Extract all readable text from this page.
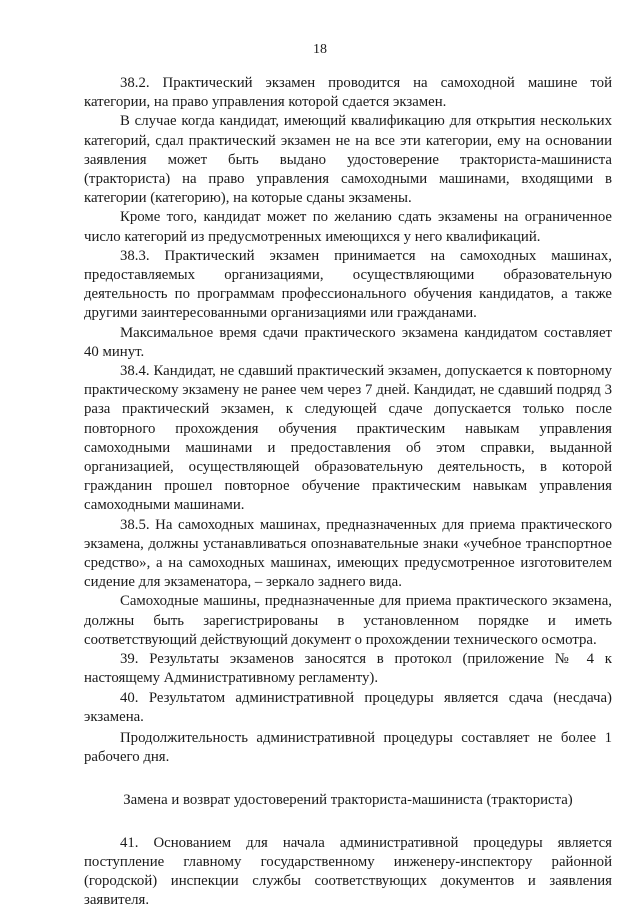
18

38.2. Практический экзамен проводится на самоходной машине той категории, на право управления которой сдается экзамен.

В случае когда кандидат, имеющий квалификацию для открытия нескольких категорий, сдал практический экзамен не на все эти категории, ему на основании заявления может быть выдано удостоверение тракториста-машиниста (тракториста) на право управления самоходными машинами, входящими в категории (категорию), на которые сданы экзамены.

Кроме того, кандидат может по желанию сдать экзамены на ограниченное число категорий из предусмотренных имеющихся у него квалификаций.

38.3. Практический экзамен принимается на самоходных машинах, предоставляемых организациями, осуществляющими образовательную деятельность по программам профессионального обучения кандидатов, а также другими заинтересованными организациями или гражданами.

Максимальное время сдачи практического экзамена кандидатом составляет 40 минут.

38.4. Кандидат, не сдавший практический экзамен, допускается к повторному практическому экзамену не ранее чем через 7 дней. Кандидат, не сдавший подряд 3 раза практический экзамен, к следующей сдаче допускается только после повторного прохождения обучения практическим навыкам управления самоходными машинами и предоставления об этом справки, выданной организацией, осуществляющей образовательную деятельность, в которой гражданин прошел повторное обучение практическим навыкам управления самоходными машинами.

38.5. На самоходных машинах, предназначенных для приема практического экзамена, должны устанавливаться опознавательные знаки «учебное транспортное средство», а на самоходных машинах, имеющих предусмотренное изготовителем сидение для экзаменатора, – зеркало заднего вида.

Самоходные машины, предназначенные для приема практического экзамена, должны быть зарегистрированы в установленном порядке и иметь соответствующий действующий документ о прохождении технического осмотра.

39. Результаты экзаменов заносятся в протокол (приложение № 4 к настоящему Административному регламенту).

40. Результатом административной процедуры является сдача (несдача) экзамена.

Продолжительность административной процедуры составляет не более 1 рабочего дня.

Замена и возврат удостоверений тракториста-машиниста (тракториста)

41. Основанием для начала административной процедуры является поступление главному государственному инженеру-инспектору районной (городской) инспекции службы соответствующих документов и заявления заявителя.
